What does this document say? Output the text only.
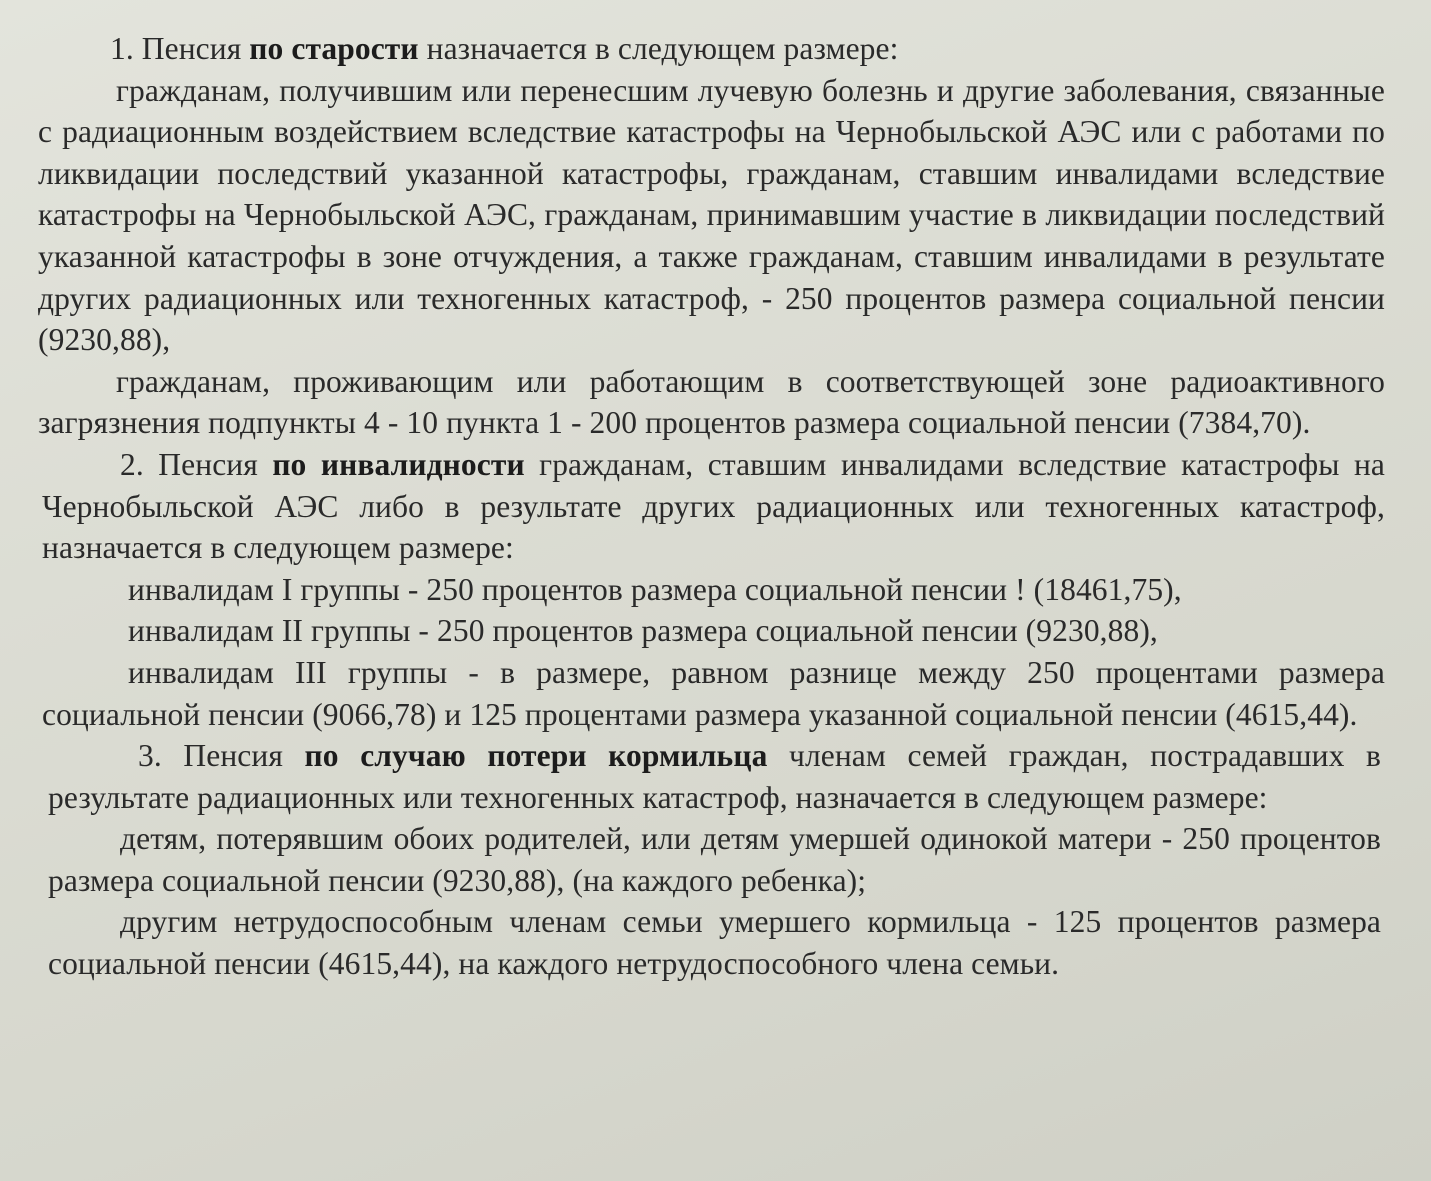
1. Пенсия по старости назначается в следующем размере:

гражданам, получившим или перенесшим лучевую болезнь и другие заболевания, связанные с радиационным воздействием вследствие катастрофы на Чернобыльской АЭС или с работами по ликвидации последствий указанной катастрофы, гражданам, ставшим инвалидами вследствие катастрофы на Чернобыльской АЭС, гражданам, принимавшим участие в ликвидации последствий указанной катастрофы в зоне отчуждения, а также гражданам, ставшим инвалидами в результате других радиационных или техногенных катастроф, - 250 процентов размера социальной пенсии (9230,88),

гражданам, проживающим или работающим в соответствующей зоне радиоактивного загрязнения подпункты 4 - 10 пункта 1 - 200 процентов размера социальной пенсии (7384,70).

2. Пенсия по инвалидности гражданам, ставшим инвалидами вследствие катастрофы на Чернобыльской АЭС либо в результате других радиационных или техногенных катастроф, назначается в следующем размере:

инвалидам I группы - 250 процентов размера социальной пенсии ! (18461,75),

инвалидам II группы - 250 процентов размера социальной пенсии (9230,88),

инвалидам III группы - в размере, равном разнице между 250 процентами размера социальной пенсии (9066,78) и 125 процентами размера указанной социальной пенсии (4615,44).

3. Пенсия по случаю потери кормильца членам семей граждан, пострадавших в результате радиационных или техногенных катастроф, назначается в следующем размере:

детям, потерявшим обоих родителей, или детям умершей одинокой матери - 250 процентов размера социальной пенсии (9230,88), (на каждого ребенка);

другим нетрудоспособным членам семьи умершего кормильца - 125 процентов размера социальной пенсии (4615,44), на каждого нетрудоспособного члена семьи.
